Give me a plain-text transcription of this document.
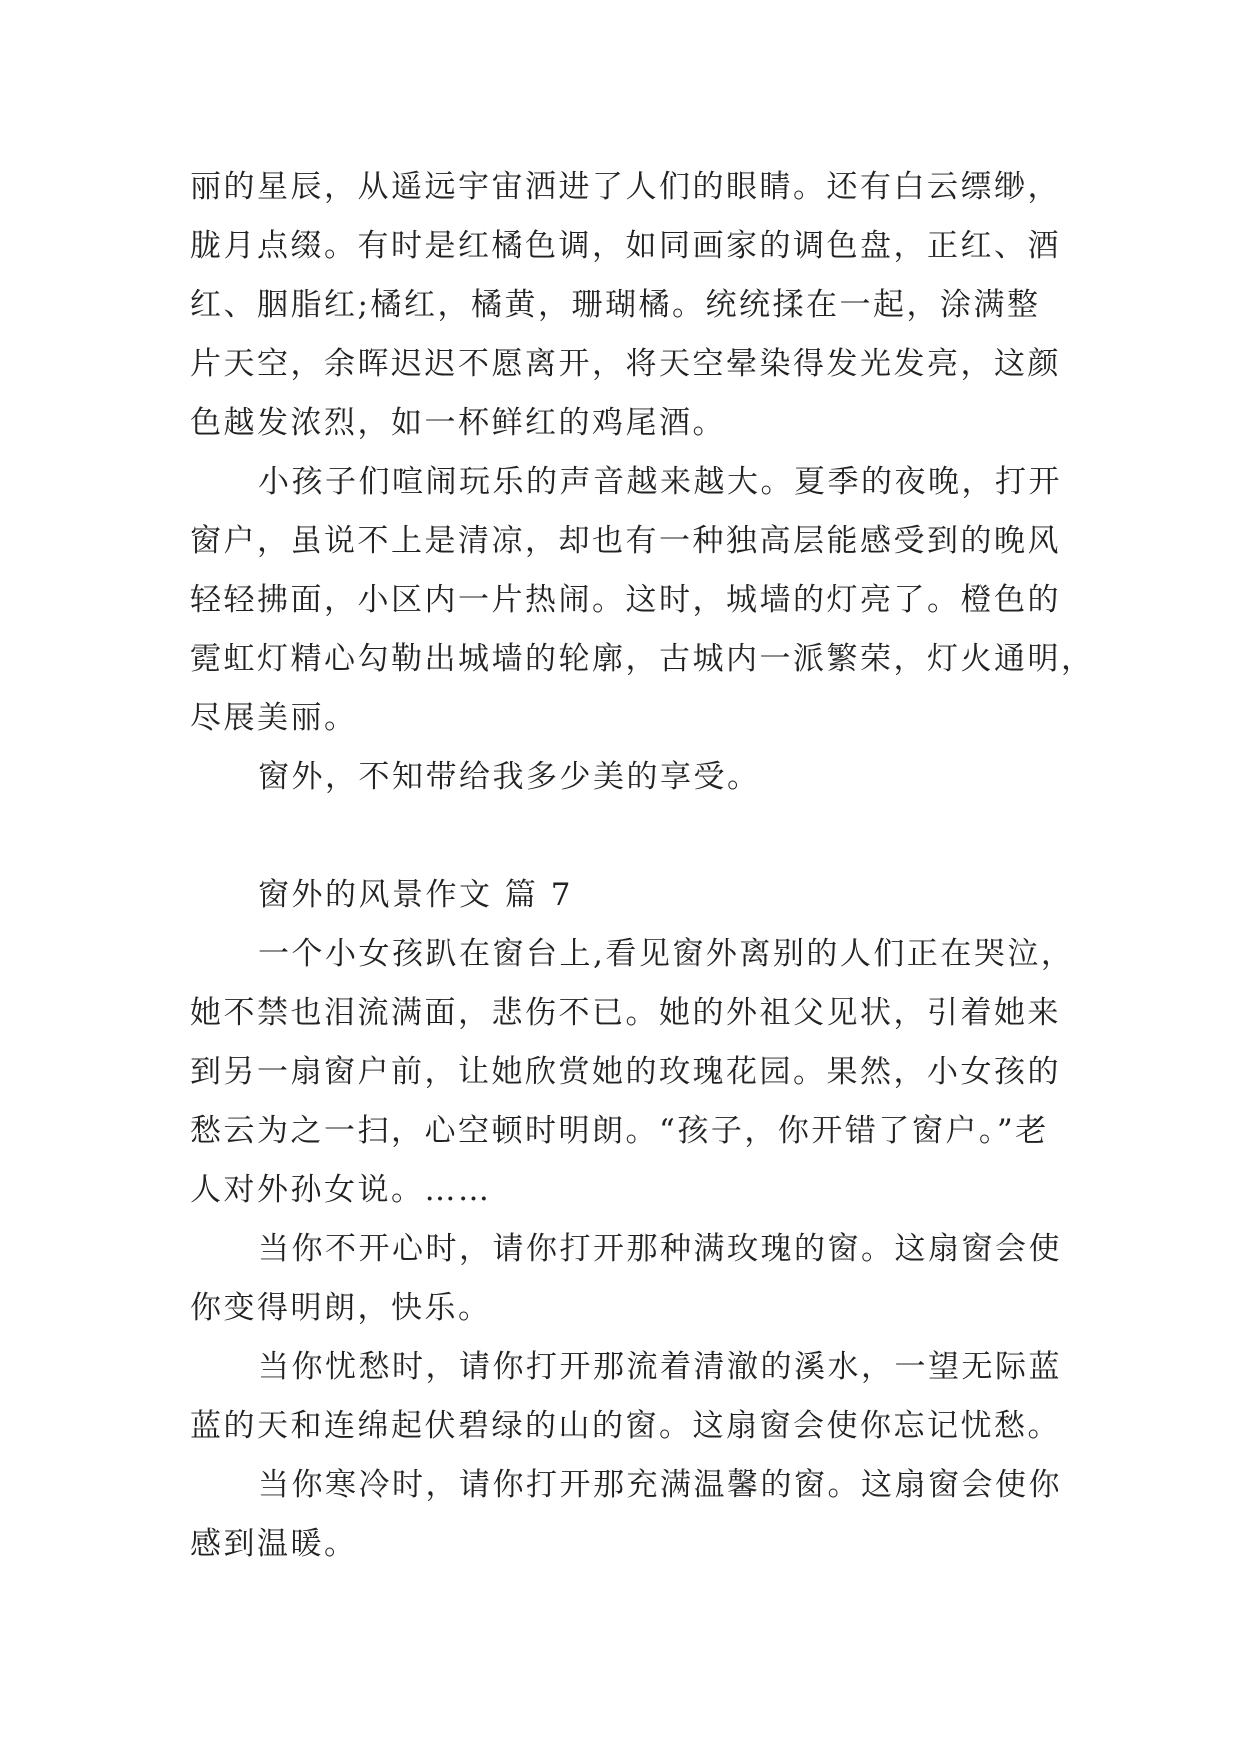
丽的星辰，从遥远宇宙洒进了人们的眼睛。还有白云缥缈，
胧月点缀。有时是红橘色调，如同画家的调色盘，正红、酒
红、胭脂红;橘红，橘黄，珊瑚橘。统统揉在一起，涂满整
片天空，余晖迟迟不愿离开，将天空晕染得发光发亮，这颜
色越发浓烈，如一杯鲜红的鸡尾酒。
小孩子们喧闹玩乐的声音越来越大。夏季的夜晚，打开
窗户，虽说不上是清凉，却也有一种独高层能感受到的晚风
轻轻拂面，小区内一片热闹。这时，城墙的灯亮了。橙色的
霓虹灯精心勾勒出城墙的轮廓，古城内一派繁荣，灯火通明，
尽展美丽。
窗外，不知带给我多少美的享受。
窗外的风景作文 篇 7
一个小女孩趴在窗台上,看见窗外离别的人们正在哭泣，
她不禁也泪流满面，悲伤不已。她的外祖父见状，引着她来
到另一扇窗户前，让她欣赏她的玫瑰花园。果然，小女孩的
愁云为之一扫，心空顿时明朗。“孩子，你开错了窗户。”老
人对外孙女说。……
当你不开心时，请你打开那种满玫瑰的窗。这扇窗会使
你变得明朗，快乐。
当你忧愁时，请你打开那流着清澈的溪水，一望无际蓝
蓝的天和连绵起伏碧绿的山的窗。这扇窗会使你忘记忧愁。
当你寒冷时，请你打开那充满温馨的窗。这扇窗会使你
感到温暖。
